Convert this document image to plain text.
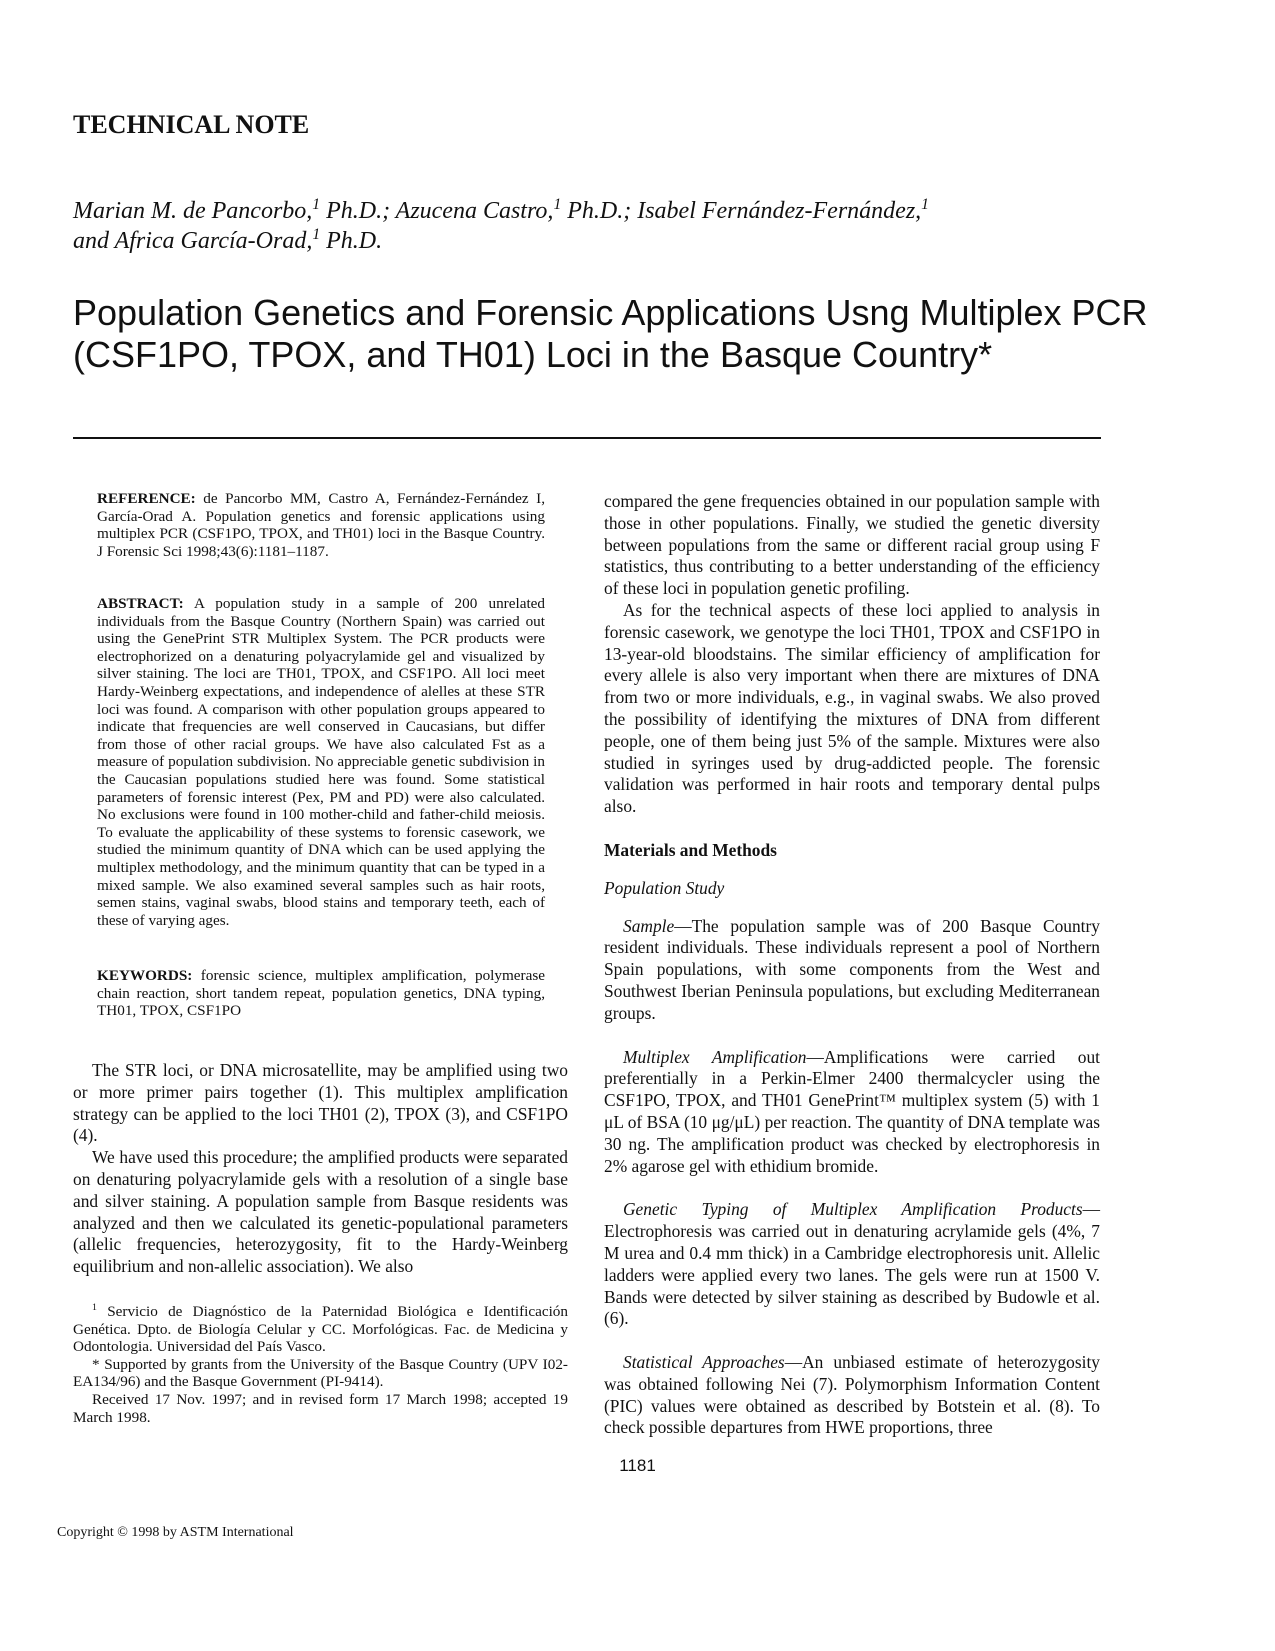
TECHNICAL NOTE
Marian M. de Pancorbo,$^1$ Ph.D.; Azucena Castro,$^1$ Ph.D.; Isabel Fernández-Fernández,$^1$
and Africa García-Orad,$^1$ Ph.D.
Population Genetics and Forensic Applications Usng Multiplex PCR (CSF1PO, TPOX, and TH01) Loci in the Basque Country*
REFERENCE: de Pancorbo MM, Castro A, Fernández-Fernández I, García-Orad A. Population genetics and forensic applications using multiplex PCR (CSF1PO, TPOX, and TH01) loci in the Basque Country. J Forensic Sci 1998;43(6):1181–1187.
ABSTRACT: A population study in a sample of 200 unrelated individuals from the Basque Country (Northern Spain) was carried out using the GenePrint STR Multiplex System. The PCR products were electrophorized on a denaturing polyacrylamide gel and visualized by silver staining. The loci are TH01, TPOX, and CSF1PO. All loci meet Hardy-Weinberg expectations, and independence of alelles at these STR loci was found. A comparison with other population groups appeared to indicate that frequencies are well conserved in Caucasians, but differ from those of other racial groups. We have also calculated Fst as a measure of population subdivision. No appreciable genetic subdivision in the Caucasian populations studied here was found. Some statistical parameters of forensic interest (Pex, PM and PD) were also calculated. No exclusions were found in 100 mother-child and father-child meiosis. To evaluate the applicability of these systems to forensic casework, we studied the minimum quantity of DNA which can be used applying the multiplex methodology, and the minimum quantity that can be typed in a mixed sample. We also examined several samples such as hair roots, semen stains, vaginal swabs, blood stains and temporary teeth, each of these of varying ages.
KEYWORDS: forensic science, multiplex amplification, polymerase chain reaction, short tandem repeat, population genetics, DNA typing, TH01, TPOX, CSF1PO

The STR loci, or DNA microsatellite, may be amplified using two or more primer pairs together (1). This multiplex amplification strategy can be applied to the loci TH01 (2), TPOX (3), and CSF1PO (4).

We have used this procedure; the amplified products were separated on denaturing polyacrylamide gels with a resolution of a single base and silver staining. A population sample from Basque residents was analyzed and then we calculated its genetic-populational parameters (allelic frequencies, heterozygosity, fit to the Hardy-Weinberg equilibrium and non-allelic association). We also

$^1$ Servicio de Diagnóstico de la Paternidad Biológica e Identificación Genética. Dpto. de Biología Celular y CC. Morfológicas. Fac. de Medicina y Odontologia. Universidad del País Vasco.

* Supported by grants from the University of the Basque Country (UPV I02-EA134/96) and the Basque Government (PI-9414).

Received 17 Nov. 1997; and in revised form 17 March 1998; accepted 19 March 1998.

compared the gene frequencies obtained in our population sample with those in other populations. Finally, we studied the genetic diversity between populations from the same or different racial group using F statistics, thus contributing to a better understanding of the efficiency of these loci in population genetic profiling.

As for the technical aspects of these loci applied to analysis in forensic casework, we genotype the loci TH01, TPOX and CSF1PO in 13-year-old bloodstains. The similar efficiency of amplification for every allele is also very important when there are mixtures of DNA from two or more individuals, e.g., in vaginal swabs. We also proved the possibility of identifying the mixtures of DNA from different people, one of them being just 5% of the sample. Mixtures were also studied in syringes used by drug-addicted people. The forensic validation was performed in hair roots and temporary dental pulps also.

Materials and Methods

Population Study

Sample—The population sample was of 200 Basque Country resident individuals. These individuals represent a pool of Northern Spain populations, with some components from the West and Southwest Iberian Peninsula populations, but excluding Mediterranean groups.

Multiplex Amplification—Amplifications were carried out preferentially in a Perkin-Elmer 2400 thermalcycler using the CSF1PO, TPOX, and TH01 GenePrint™ multiplex system (5) with 1 μL of BSA (10 μg/μL) per reaction. The quantity of DNA template was 30 ng. The amplification product was checked by electrophoresis in 2% agarose gel with ethidium bromide.

Genetic Typing of Multiplex Amplification Products—Electrophoresis was carried out in denaturing acrylamide gels (4%, 7 M urea and 0.4 mm thick) in a Cambridge electrophoresis unit. Allelic ladders were applied every two lanes. The gels were run at 1500 V. Bands were detected by silver staining as described by Budowle et al. (6).

Statistical Approaches—An unbiased estimate of heterozygosity was obtained following Nei (7). Polymorphism Information Content (PIC) values were obtained as described by Botstein et al. (8). To check possible departures from HWE proportions, three

1181
Copyright © 1998 by ASTM International
